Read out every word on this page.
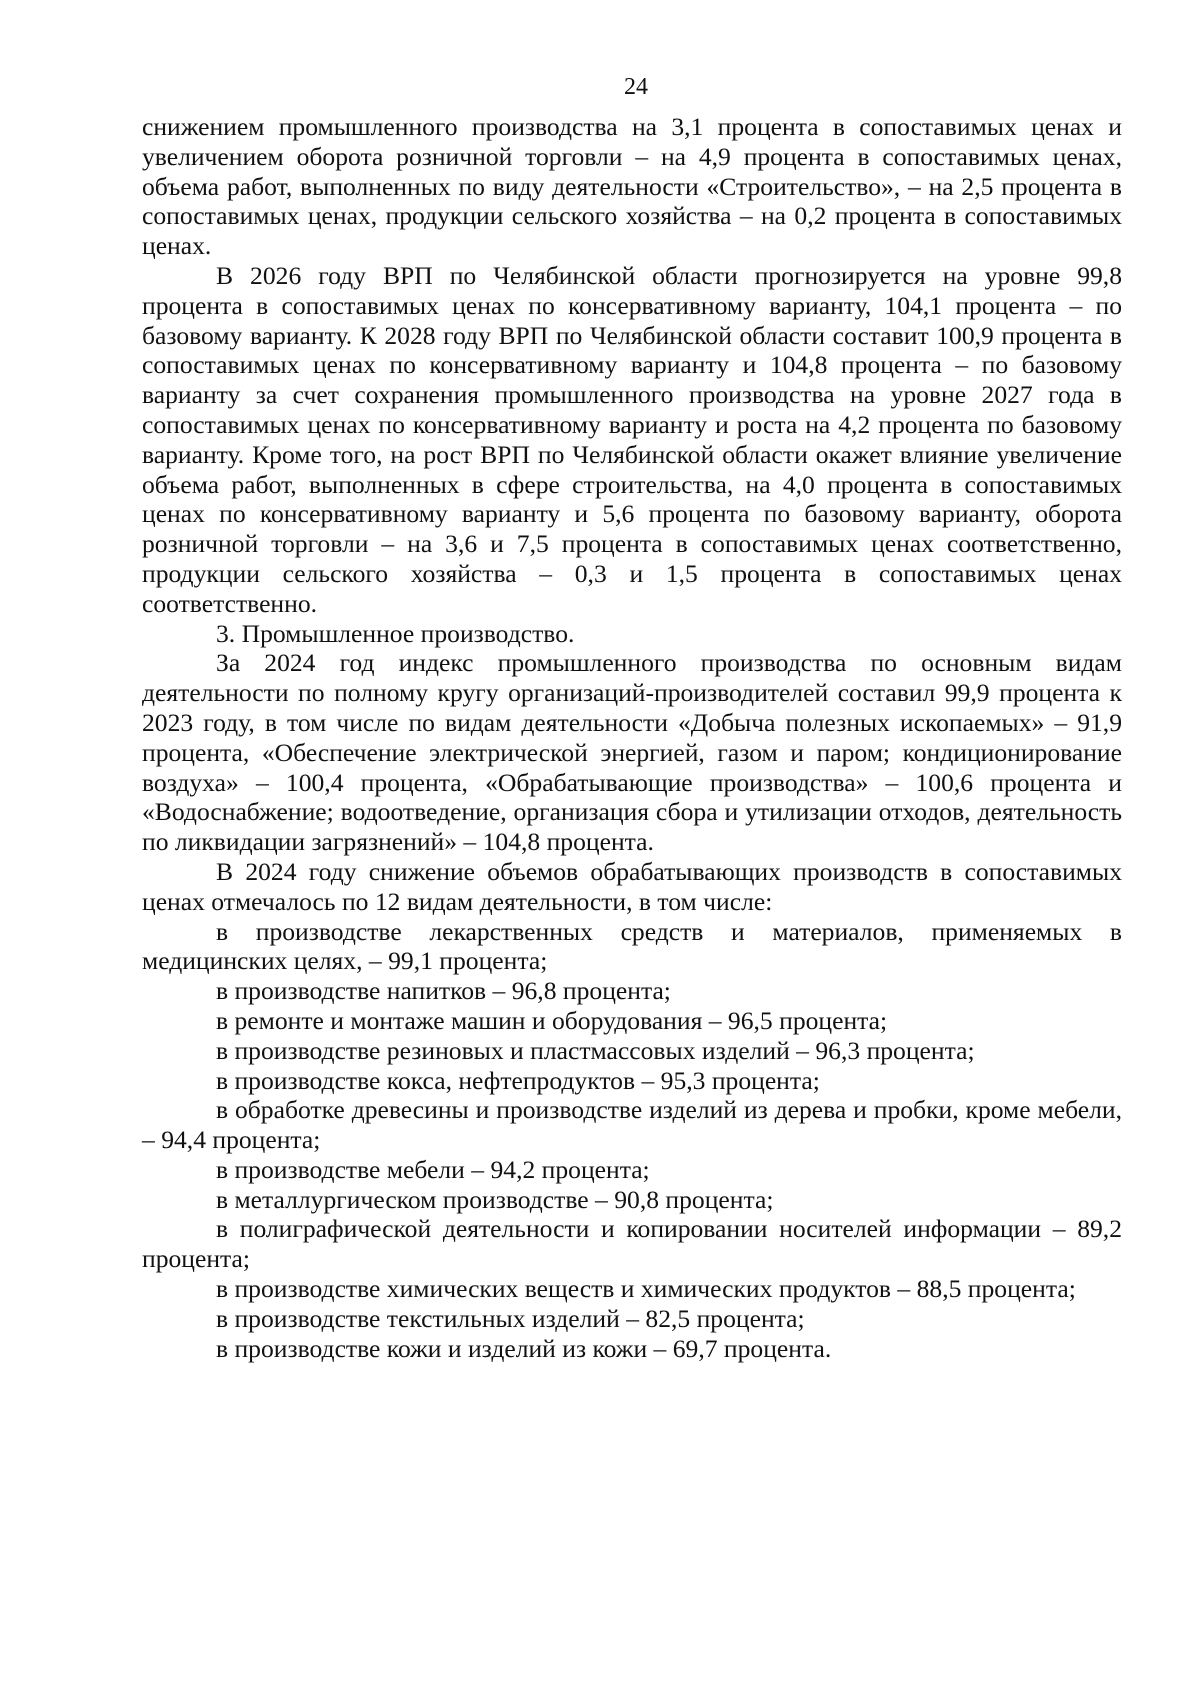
24

снижением промышленного производства на 3,1 процента в сопоставимых ценах и увеличением оборота розничной торговли – на 4,9 процента в сопоставимых ценах, объема работ, выполненных по виду деятельности «Строительство», – на 2,5 процента в сопоставимых ценах, продукции сельского хозяйства – на 0,2 процента в сопоставимых ценах.

В 2026 году ВРП по Челябинской области прогнозируется на уровне 99,8 процента в сопоставимых ценах по консервативному варианту, 104,1 процента – по базовому варианту. К 2028 году ВРП по Челябинской области составит 100,9 процента в сопоставимых ценах по консервативному варианту и 104,8 процента – по базовому варианту за счет сохранения промышленного производства на уровне 2027 года в сопоставимых ценах по консервативному варианту и роста на 4,2 процента по базовому варианту. Кроме того, на рост ВРП по Челябинской области окажет влияние увеличение объема работ, выполненных в сфере строительства, на 4,0 процента в сопоставимых ценах по консервативному варианту и 5,6 процента по базовому варианту, оборота розничной торговли – на 3,6 и 7,5 процента в сопоставимых ценах соответственно, продукции сельского хозяйства – 0,3 и 1,5 процента в сопоставимых ценах соответственно.

3. Промышленное производство.

За 2024 год индекс промышленного производства по основным видам деятельности по полному кругу организаций-производителей составил 99,9 процента к 2023 году, в том числе по видам деятельности «Добыча полезных ископаемых» – 91,9 процента, «Обеспечение электрической энергией, газом и паром; кондиционирование воздуха» – 100,4 процента, «Обрабатывающие производства» – 100,6 процента и «Водоснабжение; водоотведение, организация сбора и утилизации отходов, деятельность по ликвидации загрязнений» – 104,8 процента.

В 2024 году снижение объемов обрабатывающих производств в сопоставимых ценах отмечалось по 12 видам деятельности, в том числе:

в производстве лекарственных средств и материалов, применяемых в медицинских целях, – 99,1 процента;

в производстве напитков – 96,8 процента;

в ремонте и монтаже машин и оборудования – 96,5 процента;

в производстве резиновых и пластмассовых изделий – 96,3 процента;

в производстве кокса, нефтепродуктов – 95,3 процента;

в обработке древесины и производстве изделий из дерева и пробки, кроме мебели, – 94,4 процента;

в производстве мебели – 94,2 процента;

в металлургическом производстве – 90,8 процента;

в полиграфической деятельности и копировании носителей информации – 89,2 процента;

в производстве химических веществ и химических продуктов – 88,5 процента;

в производстве текстильных изделий – 82,5 процента;

в производстве кожи и изделий из кожи – 69,7 процента.
